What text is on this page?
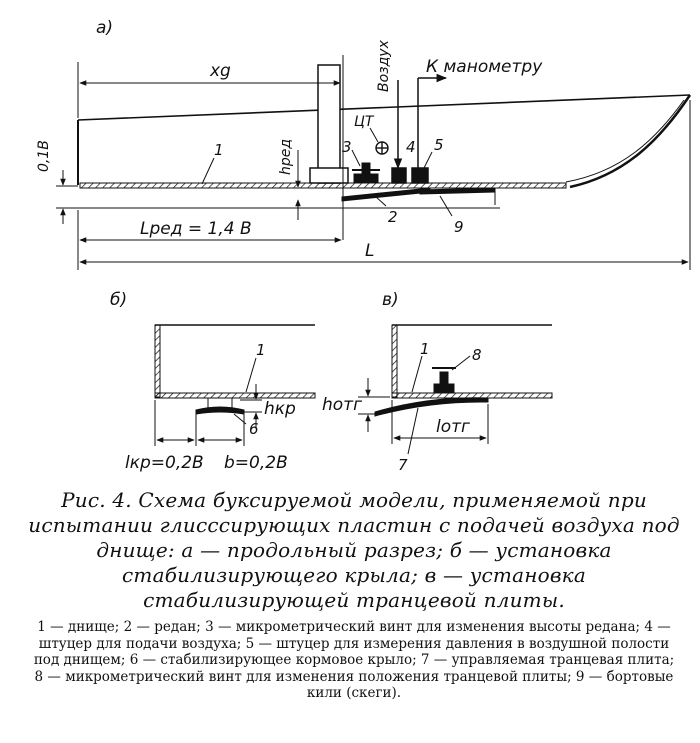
а)
xg
0,1B	hред
Lред = 1,4 B
L
ЦТ
Воздух К манометру
1
2
3	4 5
9
б)
hкр
lкр=0,2B b=0,2B
1
6
в)
hотг
lотг
1	8
7

Рис. 4. Схема буксируемой модели, применяемой при испытании глисссирующих пластин с подачей воздуха под днище: а — продольный разрез; б — установка стабилизирующего крыла; в — установка стабилизирующей транцевой плиты.

1 — днище; 2 — редан; 3 — микрометрический винт для изменения высоты редана; 4 — штуцер для подачи воздуха; 5 — штуцер для измерения давления в воздушной полости под днищем; 6 — стабилизирующее кормовое крыло; 7 — управляемая транцевая плита; 8 — микрометрический винт для изменения положения транцевой плиты; 9 — бортовые кили (скеги).
